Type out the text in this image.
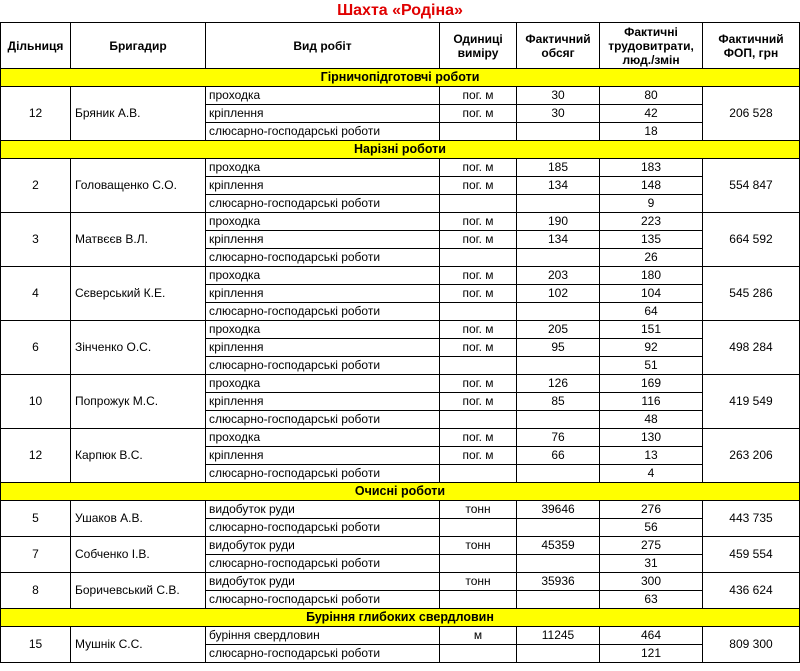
Шахта «Родіна»
Дільниця	Бригадир	Вид робіт	Одиниці виміру	Фактичний обсяг	Фактичні трудовитрати, люд./змін	Фактичний ФОП, грн
Гірничопідготовчі роботи						
12	Бряник А.В.	проходка	пог. м	30	80	206 528
		кріплення	пог. м	30	42	
		слюсарно-господарські роботи			18	
Нарізні роботи						
2	Головащенко С.О.	проходка	пог. м	185	183	554 847
		кріплення	пог. м	134	148	
		слюсарно-господарські роботи			9	
3	Матвєєв В.Л.	проходка	пог. м	190	223	664 592
		кріплення	пог. м	134	135	
		слюсарно-господарські роботи			26	
4	Сєверський К.Е.	проходка	пог. м	203	180	545 286
		кріплення	пог. м	102	104	
		слюсарно-господарські роботи			64	
6	Зінченко О.С.	проходка	пог. м	205	151	498 284
		кріплення	пог. м	95	92	
		слюсарно-господарські роботи			51	
10	Попрожук М.С.	проходка	пог. м	126	169	419 549
		кріплення	пог. м	85	116	
		слюсарно-господарські роботи			48	
12	Карпюк В.С.	проходка	пог. м	76	130	263 206
		кріплення	пог. м	66	13	
		слюсарно-господарські роботи			4	
Очисні роботи						
5	Ушаков А.В.	видобуток руди	тонн	39646	276	443 735
		слюсарно-господарські роботи			56	
7	Собченко І.В.	видобуток руди	тонн	45359	275	459 554
		слюсарно-господарські роботи			31	
8	Боричевський С.В.	видобуток руди	тонн	35936	300	436 624
		слюсарно-господарські роботи			63	
Буріння глибоких свердловин						
15	Мушнік С.С.	буріння свердловин	м	11245	464	809 300
		слюсарно-господарські роботи			121	
